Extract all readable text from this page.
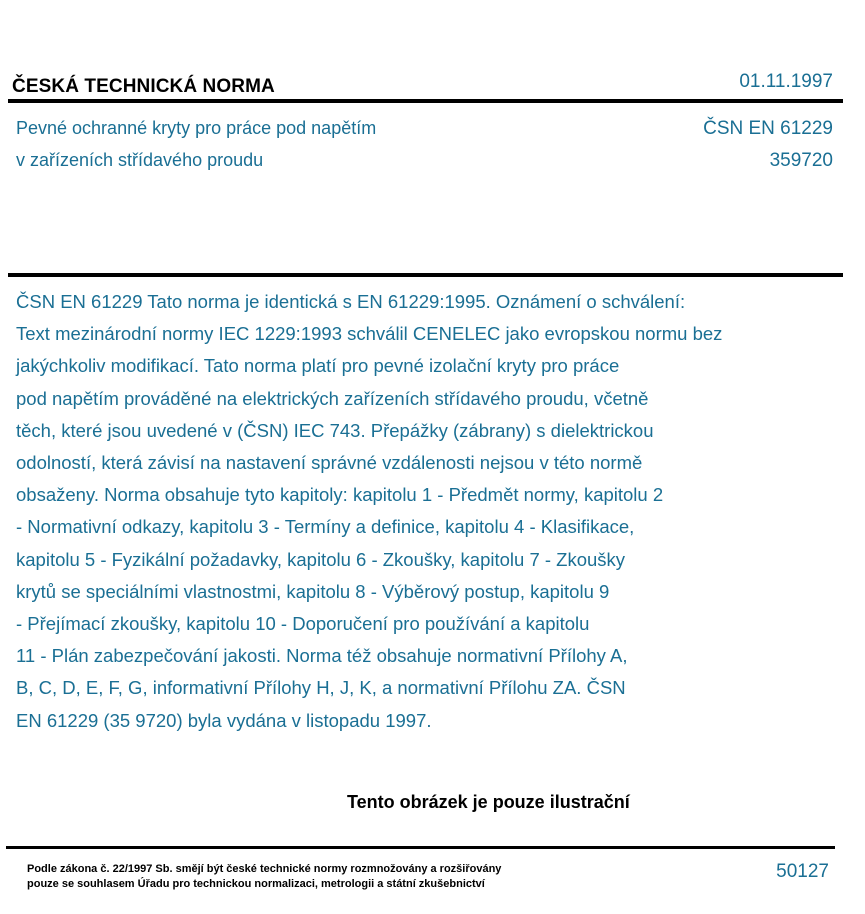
ČESKÁ TECHNICKÁ NORMA	01.11.1997
Pevné ochranné kryty pro práce pod napětím
v zařízeních střídavého proudu
ČSN EN 61229
359720
ČSN EN 61229 Tato norma je identická s EN 61229:1995. Oznámení o schválení:
Text mezinárodní normy IEC 1229:1993 schválil CENELEC jako evropskou normu bez
jakýchkoliv modifikací. Tato norma platí pro pevné izolační kryty pro práce
pod napětím prováděné na elektrických zařízeních střídavého proudu, včetně
těch, které jsou uvedené v (ČSN) IEC 743. Přepážky (zábrany) s dielektrickou
odolností, která závisí na nastavení správné vzdálenosti nejsou v této normě
obsaženy. Norma obsahuje tyto kapitoly: kapitolu 1 - Předmět normy, kapitolu 2
- Normativní odkazy, kapitolu 3 - Termíny a definice, kapitolu 4 - Klasifikace,
kapitolu 5 - Fyzikální požadavky, kapitolu 6 - Zkoušky, kapitolu 7 - Zkoušky
krytů se speciálními vlastnostmi, kapitolu 8 - Výběrový postup, kapitolu 9
- Přejímací zkoušky, kapitolu 10 - Doporučení pro používání a kapitolu
11 - Plán zabezpečování jakosti. Norma též obsahuje normativní Přílohy A,
B, C, D, E, F, G, informativní Přílohy H, J, K, a normativní Přílohu ZA. ČSN
EN 61229 (35 9720) byla vydána v listopadu 1997.
Tento obrázek je pouze ilustrační
Podle zákona č. 22/1997 Sb. smějí být české technické normy rozmnožovány a rozšiřovány
pouze se souhlasem Úřadu pro technickou normalizaci, metrologii a státní zkušebnictví
50127
